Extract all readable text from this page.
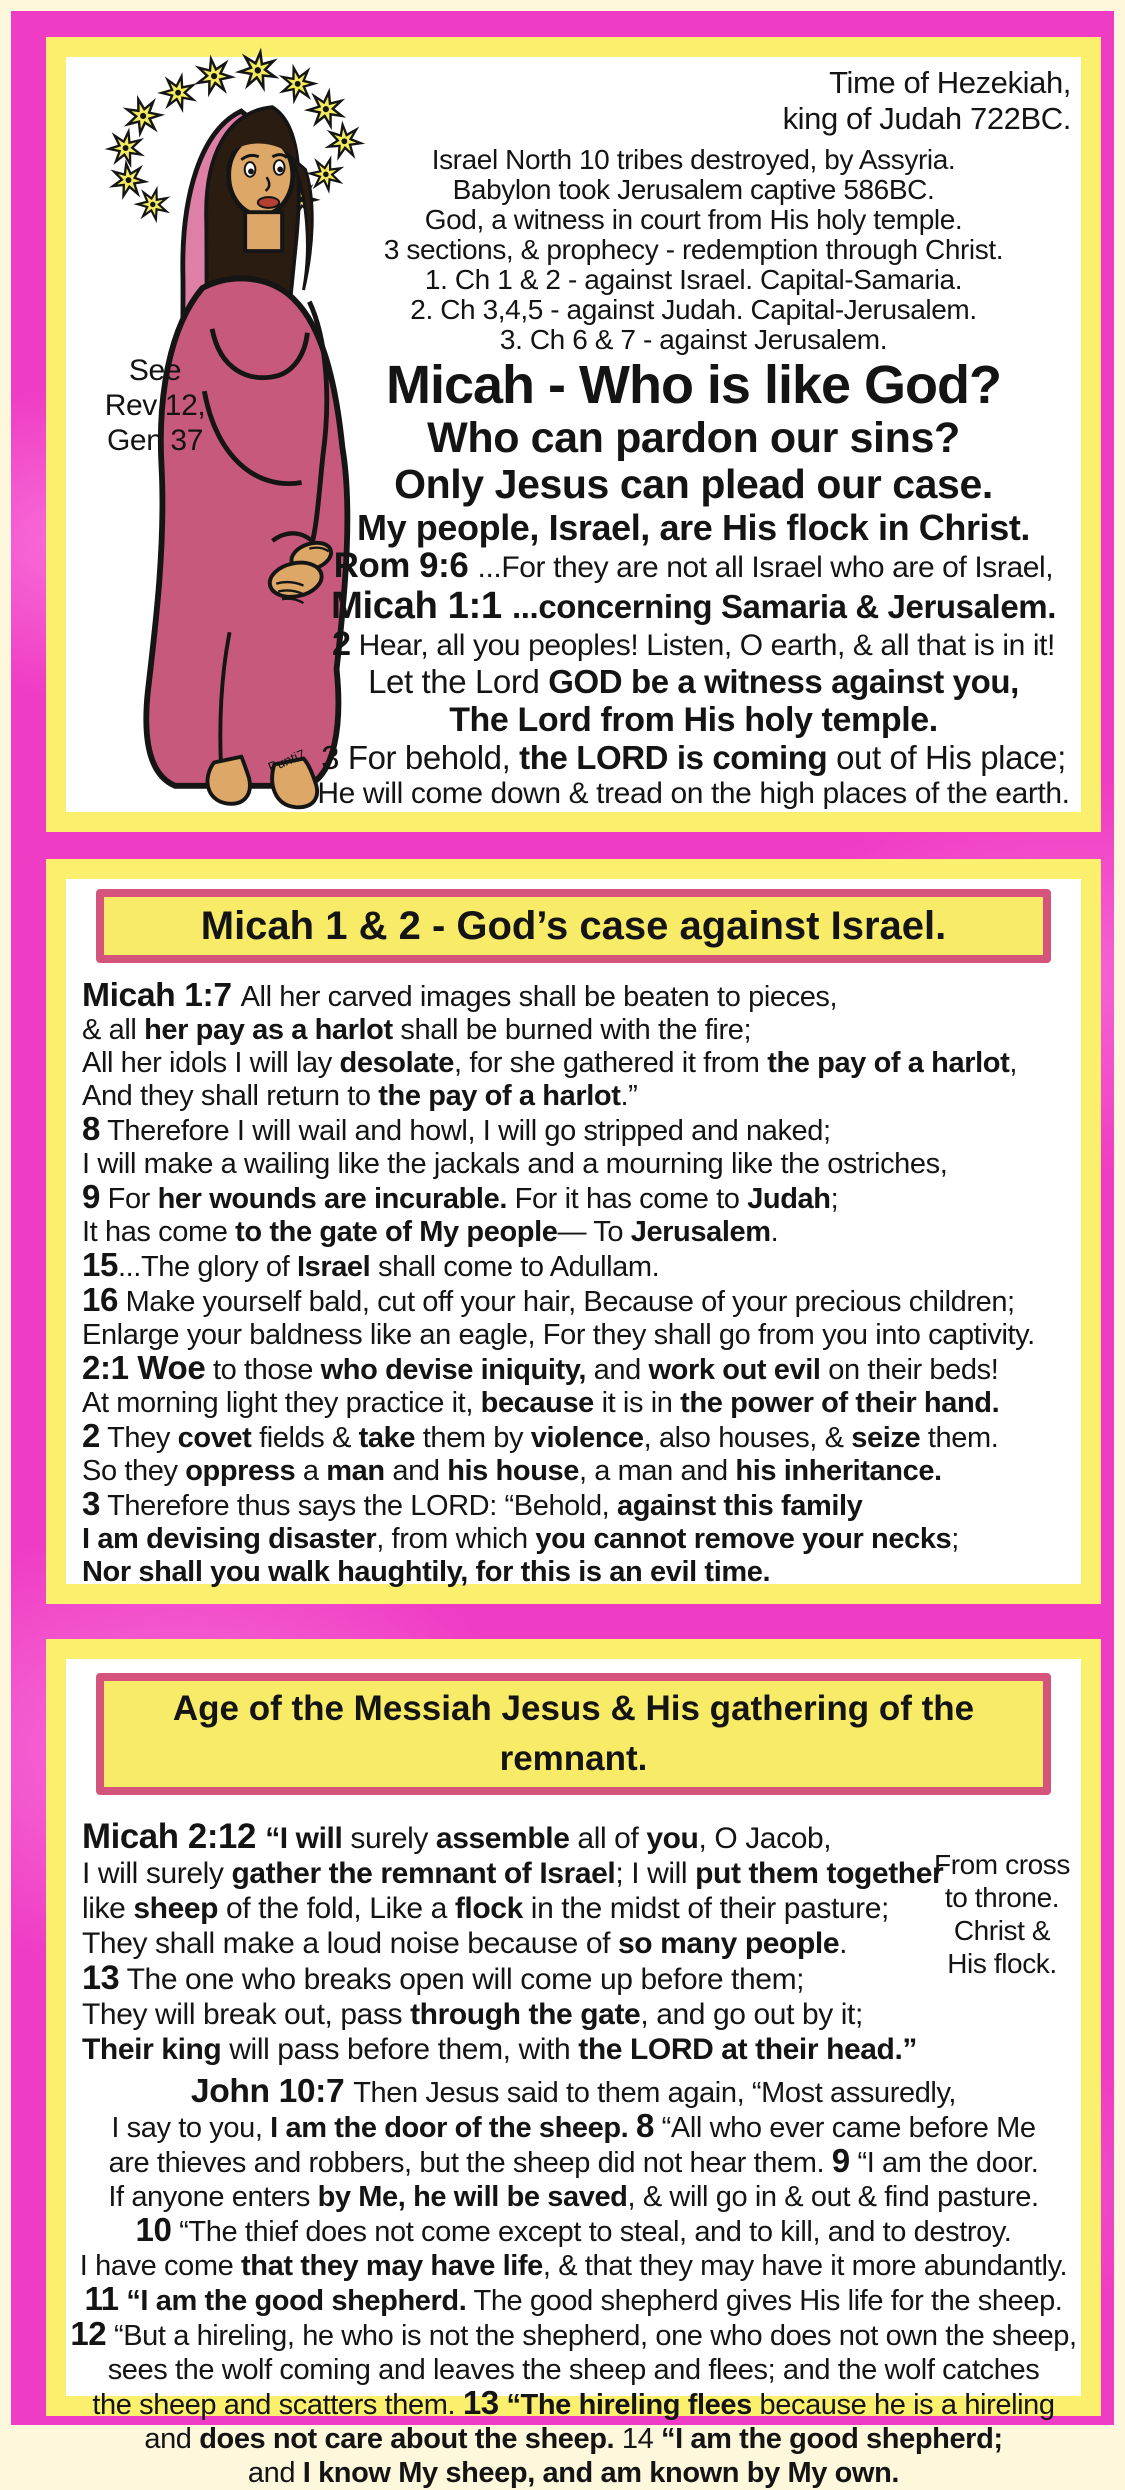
Punti7
Time of Hezekiah,
king of Judah 722BC.
See
Rev 12,
Gen 37
Israel North 10 tribes destroyed, by Assyria.
Babylon took Jerusalem captive 586BC.
God, a witness in court from His holy temple.
3 sections, & prophecy - redemption through Christ.
1. Ch 1 & 2 - against Israel. Capital-Samaria.
2. Ch 3,4,5 - against Judah. Capital-Jerusalem.
3. Ch 6 & 7 - against Jerusalem.
Micah - Who is like God?
Who can pardon our sins?
Only Jesus can plead our case.
My people, Israel, are His flock in Christ.
Rom 9:6 ...For they are not all Israel who are of Israel,
Micah 1:1 ...concerning Samaria & Jerusalem.
2 Hear, all you peoples! Listen, O earth, & all that is in it!
Let the Lord GOD be a witness against you,
The Lord from His holy temple.
3 For behold, the LORD is coming out of His place;
He will come down & tread on the high places of the earth.
Micah 1 & 2 - God’s case against Israel.
Micah 1:7 All her carved images shall be beaten to pieces,
& all her pay as a harlot shall be burned with the fire;
All her idols I will lay desolate, for she gathered it from the pay of a harlot,
And they shall return to the pay of a harlot.”
8 Therefore I will wail and howl, I will go stripped and naked;
I will make a wailing like the jackals and a mourning like the ostriches,
9 For her wounds are incurable. For it has come to Judah;
It has come to the gate of My people— To Jerusalem.
15...The glory of Israel shall come to Adullam.
16 Make yourself bald, cut off your hair, Because of your precious children;
Enlarge your baldness like an eagle, For they shall go from you into captivity.
2:1 Woe to those who devise iniquity, and work out evil on their beds!
At morning light they practice it, because it is in the power of their hand.
2 They covet fields & take them by violence, also houses, & seize them.
So they oppress a man and his house, a man and his inheritance.
3 Therefore thus says the LORD: “Behold, against this family
I am devising disaster, from which you cannot remove your necks;
Nor shall you walk haughtily, for this is an evil time.
Age of the Messiah Jesus & His gathering of the remnant.
Micah 2:12 “I will surely assemble all of you, O Jacob,
I will surely gather the remnant of Israel; I will put them together
like sheep of the fold, Like a flock in the midst of their pasture;
They shall make a loud noise because of so many people.
13 The one who breaks open will come up before them;
They will break out, pass through the gate, and go out by it;
Their king will pass before them, with the LORD at their head.”
From cross
to throne.
Christ &
His flock.
John 10:7 Then Jesus said to them again, “Most assuredly,
I say to you, I am the door of the sheep. 8 “All who ever came before Me
are thieves and robbers, but the sheep did not hear them. 9 “I am the door.
If anyone enters by Me, he will be saved, & will go in & out & find pasture.
10 “The thief does not come except to steal, and to kill, and to destroy.
I have come that they may have life, & that they may have it more abundantly.
11 “I am the good shepherd. The good shepherd gives His life for the sheep.
12 “But a hireling, he who is not the shepherd, one who does not own the sheep,
sees the wolf coming and leaves the sheep and flees; and the wolf catches
the sheep and scatters them. 13 “The hireling flees because he is a hireling
and does not care about the sheep. 14 “I am the good shepherd;
and I know My sheep, and am known by My own.
